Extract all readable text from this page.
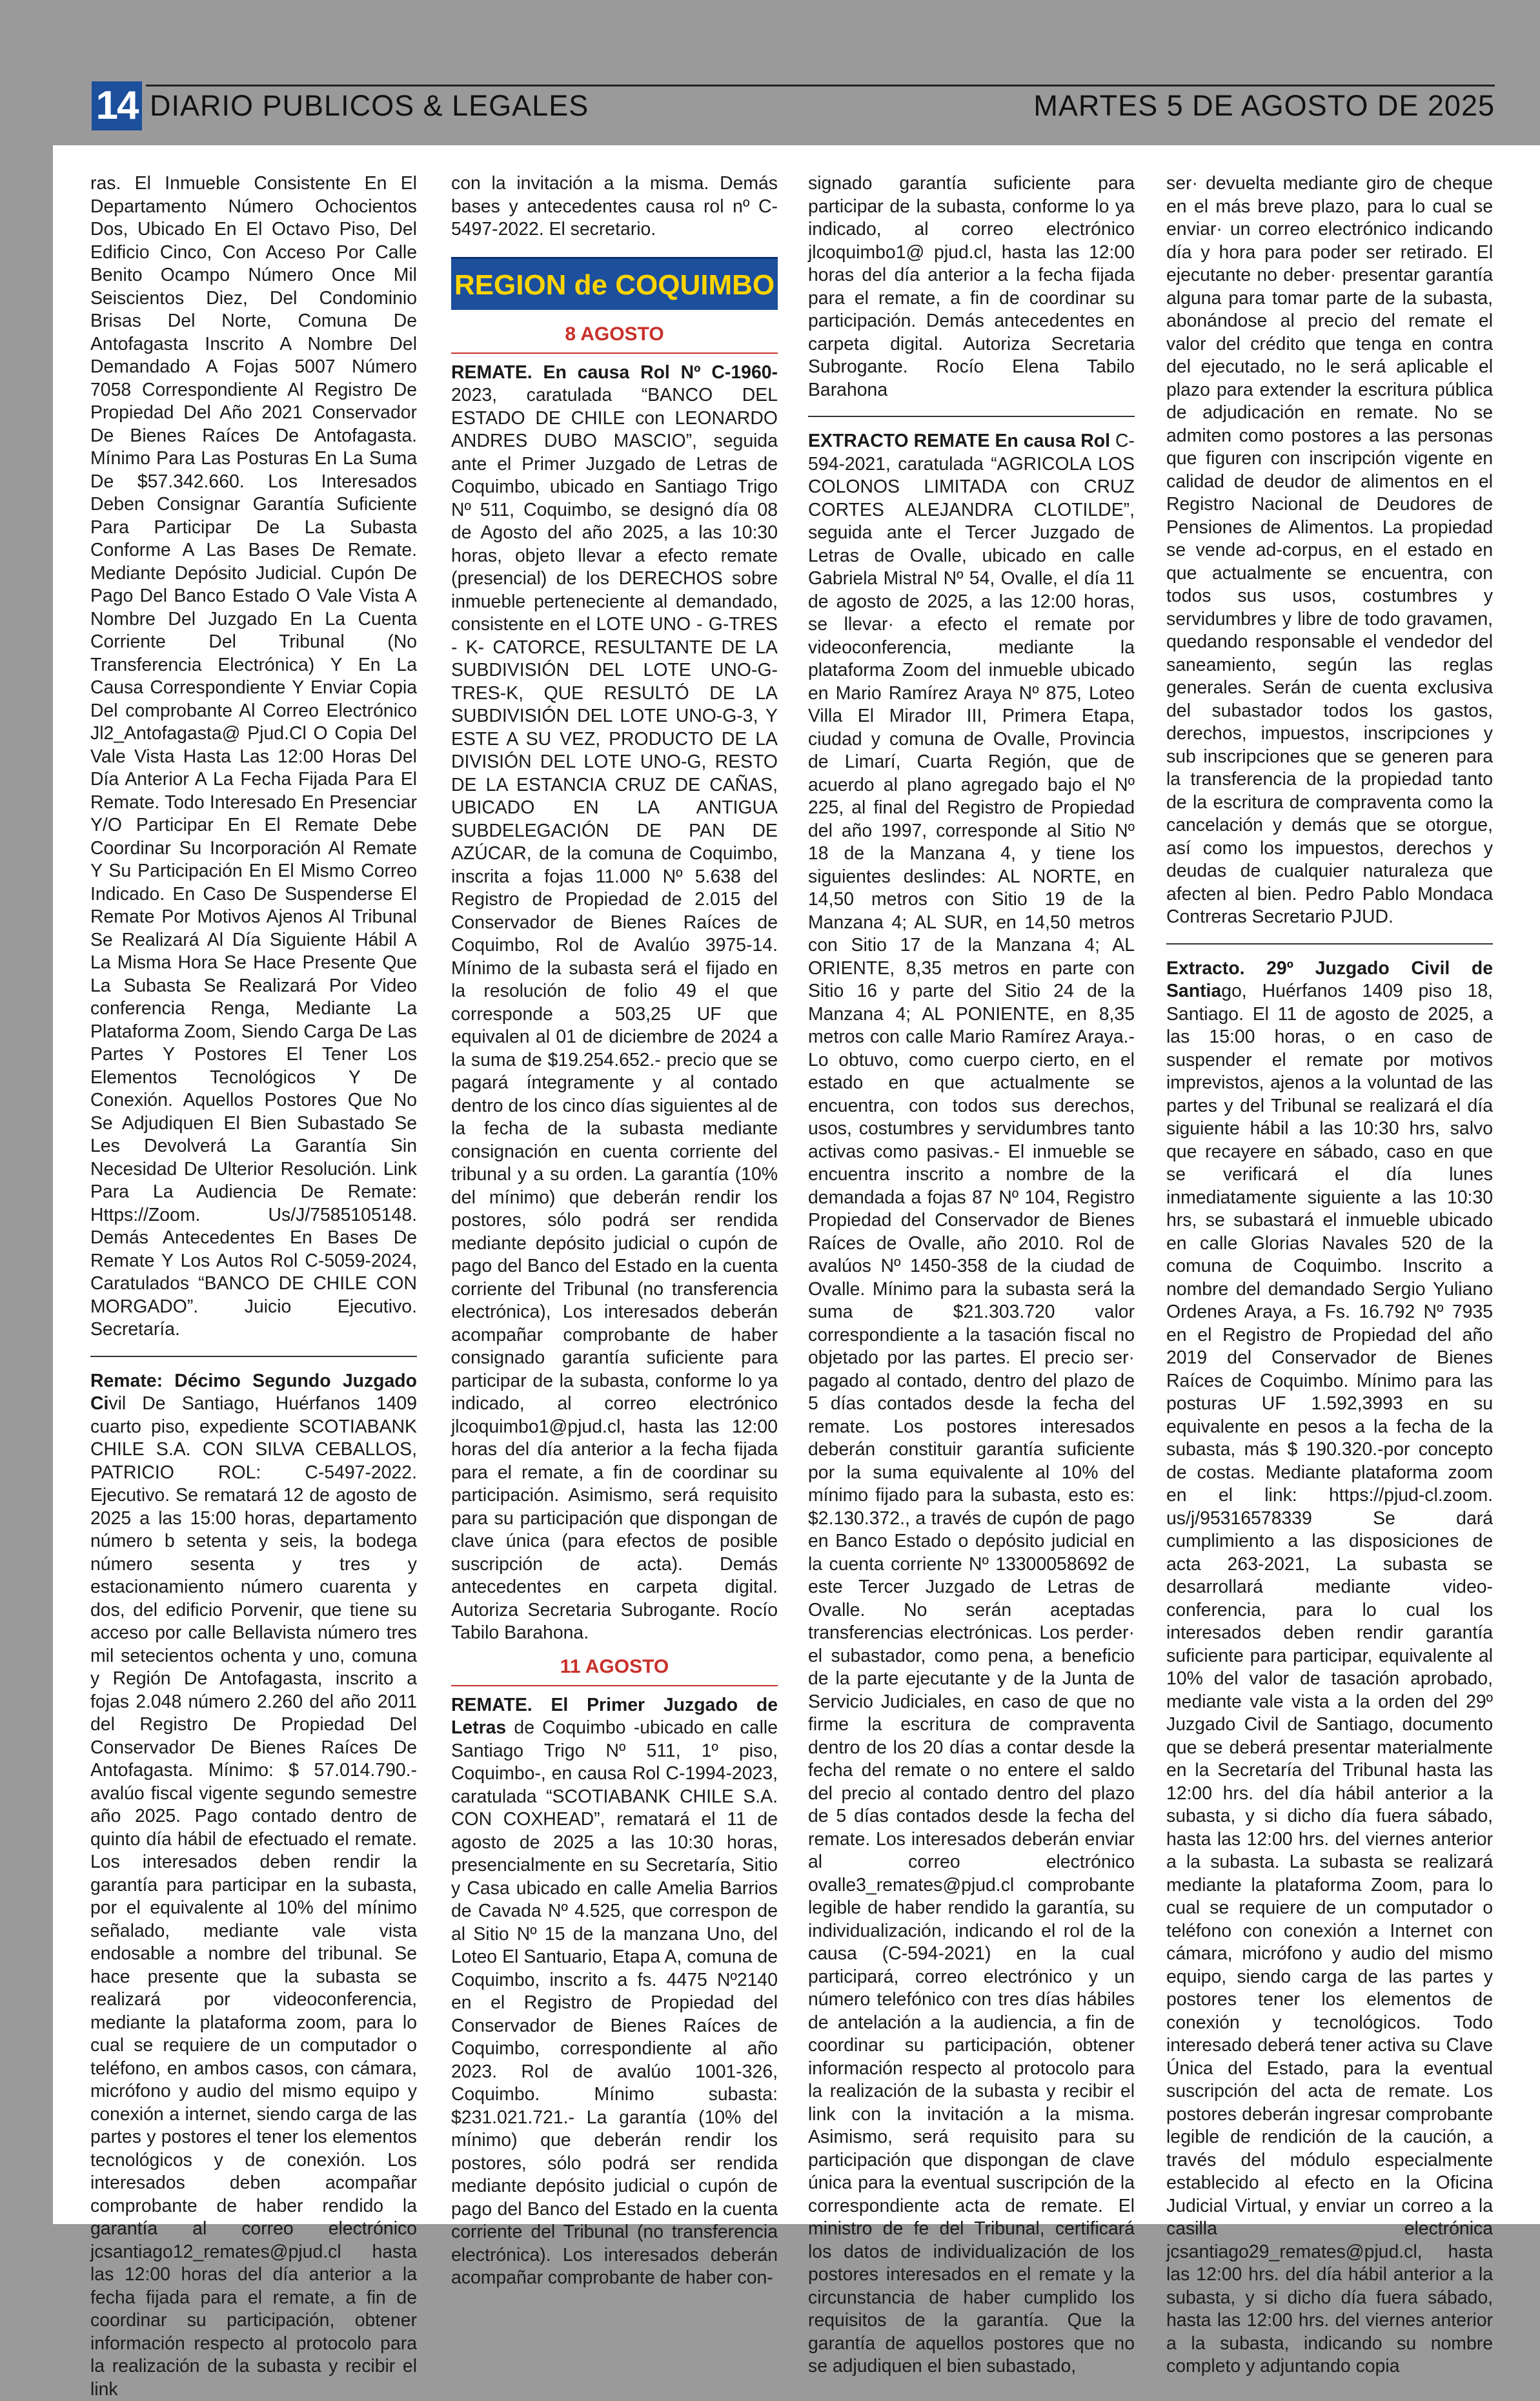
14 DIARIO PUBLICOS & LEGALES	MARTES 5 DE AGOSTO DE 2025

ras. El Inmueble Consistente En El Departamento Número Ochocientos Dos, Ubicado En El Octavo Piso, Del Edificio Cinco, Con Acceso Por Calle Benito Ocampo Número Once Mil Seiscientos Diez, Del Condominio Brisas Del Norte, Comuna De Antofagasta Inscrito A Nombre Del Demandado A Fojas 5007 Número 7058 Correspondiente Al Registro De Propiedad Del Año 2021 Conservador De Bienes Raíces De Antofagasta. Mínimo Para Las Posturas En La Suma De $57.342.660. Los Interesados Deben Consignar Garantía Suficiente Para Participar De La Subasta Conforme A Las Bases De Remate. Mediante Depósito Judicial. Cupón De Pago Del Banco Estado O Vale Vista A Nombre Del Juzgado En La Cuenta Corriente Del Tribunal (No Transferencia Electrónica) Y En La Causa Correspondiente Y Enviar Copia Del comprobante Al Correo Electrónico Jl2_Antofagasta@ Pjud.Cl O Copia Del Vale Vista Hasta Las 12:00 Horas Del Día Anterior A La Fecha Fijada Para El Remate. Todo Interesado En Presenciar Y/O Participar En El Remate Debe Coordinar Su Incorporación Al Remate Y Su Participación En El Mismo Correo Indicado. En Caso De Suspenderse El Remate Por Motivos Ajenos Al Tribunal Se Realizará Al Día Siguiente Hábil A La Misma Hora Se Hace Presente Que La Subasta Se Realizará Por Video conferencia Renga, Mediante La Plataforma Zoom, Siendo Carga De Las Partes Y Postores El Tener Los Elementos Tecnológicos Y De Conexión. Aquellos Postores Que No Se Adjudiquen El Bien Subastado Se Les Devolverá La Garantía Sin Necesidad De Ulterior Resolución. Link Para La Audiencia De Remate: Https://Zoom. Us/J/7585105148. Demás Antecedentes En Bases De Remate Y Los Autos Rol C-5059-2024, Caratulados “BANCO DE CHILE CON MORGADO”. Juicio Ejecutivo. Secretaría.

Remate: Décimo Segundo Juzgado Civil De Santiago, Huérfanos 1409 cuarto piso, expediente SCOTIABANK CHILE S.A. CON SILVA CEBALLOS, PATRICIO ROL: C-5497-2022. Ejecutivo. Se rematará 12 de agosto de 2025 a las 15:00 horas, departamento número b setenta y seis, la bodega número sesenta y tres y estacionamiento número cuarenta y dos, del edificio Porvenir, que tiene su acceso por calle Bellavista número tres mil setecientos ochenta y uno, comuna y Región De Antofagasta, inscrito a fojas 2.048 número 2.260 del año 2011 del Registro De Propiedad Del Conservador De Bienes Raíces De Antofagasta. Mínimo: $ 57.014.790.- avalúo fiscal vigente segundo semestre año 2025. Pago contado dentro de quinto día hábil de efectuado el remate. Los interesados deben rendir la garantía para participar en la subasta, por el equivalente al 10% del mínimo señalado, mediante vale vista endosable a nombre del tribunal. Se hace presente que la subasta se realizará por videoconferencia, mediante la plataforma zoom, para lo cual se requiere de un computador o teléfono, en ambos casos, con cámara, micrófono y audio del mismo equipo y conexión a internet, siendo carga de las partes y postores el tener los elementos tecnológicos y de conexión. Los interesados deben acompañar comprobante de haber rendido la garantía al correo electrónico jcsantiago12_remates@pjud.cl hasta las 12:00 horas del día anterior a la fecha fijada para el remate, a fin de coordinar su participación, obtener información respecto al protocolo para la realización de la subasta y recibir el link

con la invitación a la misma. Demás bases y antecedentes causa rol nº C-5497-2022. El secretario.

REGION de COQUIMBO
8 AGOSTO

REMATE. En causa Rol Nº C-1960-2023, caratulada “BANCO DEL ESTADO DE CHILE con LEONARDO ANDRES DUBO MASCIO”, seguida ante el Primer Juzgado de Letras de Coquimbo, ubicado en Santiago Trigo Nº 511, Coquimbo, se designó día 08 de Agosto del año 2025, a las 10:30 horas, objeto llevar a efecto remate (presencial) de los DERECHOS sobre inmueble perteneciente al demandado, consistente en el LOTE UNO - G-TRES - K- CATORCE, RESULTANTE DE LA SUBDIVISIÓN DEL LOTE UNO-G-TRES-K, QUE RESULTÓ DE LA SUBDIVISIÓN DEL LOTE UNO-G-3, Y ESTE A SU VEZ, PRODUCTO DE LA DIVISIÓN DEL LOTE UNO-G, RESTO DE LA ESTANCIA CRUZ DE CAÑAS, UBICADO EN LA ANTIGUA SUBDELEGACIÓN DE PAN DE AZÚCAR, de la comuna de Coquimbo, inscrita a fojas 11.000 Nº 5.638 del Registro de Propiedad de 2.015 del Conservador de Bienes Raíces de Coquimbo, Rol de Avalúo 3975-14. Mínimo de la subasta será el fijado en la resolución de folio 49 el que corresponde a 503,25 UF que equivalen al 01 de diciembre de 2024 a la suma de $19.254.652.- precio que se pagará íntegramente y al contado dentro de los cinco días siguientes al de la fecha de la subasta mediante consignación en cuenta corriente del tribunal y a su orden. La garantía (10% del mínimo) que deberán rendir los postores, sólo podrá ser rendida mediante depósito judicial o cupón de pago del Banco del Estado en la cuenta corriente del Tribunal (no transferencia electrónica), Los interesados deberán acompañar comprobante de haber consignado garantía suficiente para participar de la subasta, conforme lo ya indicado, al correo electrónico jlcoquimbo1@pjud.cl, hasta las 12:00 horas del día anterior a la fecha fijada para el remate, a fin de coordinar su participación. Asimismo, será requisito para su participación que dispongan de clave única (para efectos de posible suscripción de acta). Demás antecedentes en carpeta digital. Autoriza Secretaria Subrogante. Rocío Tabilo Barahona.

11 AGOSTO

REMATE. El Primer Juzgado de Letras de Coquimbo -ubicado en calle Santiago Trigo Nº 511, 1º piso, Coquimbo-, en causa Rol C-1994-2023, caratulada “SCOTIABANK CHILE S.A. CON COXHEAD”, rematará el 11 de agosto de 2025 a las 10:30 horas, presencialmente en su Secretaría, Sitio y Casa ubicado en calle Amelia Barrios de Cavada Nº 4.525, que correspon de al Sitio Nº 15 de la manzana Uno, del Loteo El Santuario, Etapa A, comuna de Coquimbo, inscrito a fs. 4475 Nº2140 en el Registro de Propiedad del Conservador de Bienes Raíces de Coquimbo, correspondiente al año 2023. Rol de avalúo 1001-326, Coquimbo. Mínimo subasta: $231.021.721.- La garantía (10% del mínimo) que deberán rendir los postores, sólo podrá ser rendida mediante depósito judicial o cupón de pago del Banco del Estado en la cuenta corriente del Tribunal (no transferencia electrónica). Los interesados deberán acompañar comprobante de haber con-

signado garantía suficiente para participar de la subasta, conforme lo ya indicado, al correo electrónico jlcoquimbo1@ pjud.cl, hasta las 12:00 horas del día anterior a la fecha fijada para el remate, a fin de coordinar su participación. Demás antecedentes en carpeta digital. Autoriza Secretaria Subrogante. Rocío Elena Tabilo Barahona

EXTRACTO REMATE En causa Rol C-594-2021, caratulada “AGRICOLA LOS COLONOS LIMITADA con CRUZ CORTES ALEJANDRA CLOTILDE”, seguida ante el Tercer Juzgado de Letras de Ovalle, ubicado en calle Gabriela Mistral Nº 54, Ovalle, el día 11 de agosto de 2025, a las 12:00 horas, se llevar· a efecto el remate por videoconferencia, mediante la plataforma Zoom del inmueble ubicado en Mario Ramírez Araya Nº 875, Loteo Villa El Mirador III, Primera Etapa, ciudad y comuna de Ovalle, Provincia de Limarí, Cuarta Región, que de acuerdo al plano agregado bajo el Nº 225, al final del Registro de Propiedad del año 1997, corresponde al Sitio Nº 18 de la Manzana 4, y tiene los siguientes deslindes: AL NORTE, en 14,50 metros con Sitio 19 de la Manzana 4; AL SUR, en 14,50 metros con Sitio 17 de la Manzana 4; AL ORIENTE, 8,35 metros en parte con Sitio 16 y parte del Sitio 24 de la Manzana 4; AL PONIENTE, en 8,35 metros con calle Mario Ramírez Araya.- Lo obtuvo, como cuerpo cierto, en el estado en que actualmente se encuentra, con todos sus derechos, usos, costumbres y servidumbres tanto activas como pasivas.- El inmueble se encuentra inscrito a nombre de la demandada a fojas 87 Nº 104, Registro Propiedad del Conservador de Bienes Raíces de Ovalle, año 2010. Rol de avalúos Nº 1450-358 de la ciudad de Ovalle. Mínimo para la subasta será la suma de $21.303.720 valor correspondiente a la tasación fiscal no objetado por las partes. El precio ser· pagado al contado, dentro del plazo de 5 días contados desde la fecha del remate. Los postores interesados deberán constituir garantía suficiente por la suma equivalente al 10% del mínimo fijado para la subasta, esto es: $2.130.372., a través de cupón de pago en Banco Estado o depósito judicial en la cuenta corriente Nº 13300058692 de este Tercer Juzgado de Letras de Ovalle. No serán aceptadas transferencias electrónicas. Los perder· el subastador, como pena, a beneficio de la parte ejecutante y de la Junta de Servicio Judiciales, en caso de que no firme la escritura de compraventa dentro de los 20 días a contar desde la fecha del remate o no entere el saldo del precio al contado dentro del plazo de 5 días contados desde la fecha del remate. Los interesados deberán enviar al correo electrónico ovalle3_remates@pjud.cl comprobante legible de haber rendido la garantía, su individualización, indicando el rol de la causa (C-594-2021) en la cual participará, correo electrónico y un número telefónico con tres días hábiles de antelación a la audiencia, a fin de coordinar su participación, obtener información respecto al protocolo para la realización de la subasta y recibir el link con la invitación a la misma. Asimismo, será requisito para su participación que dispongan de clave única para la eventual suscripción de la correspondiente acta de remate. El ministro de fe del Tribunal, certificará los datos de individualización de los postores interesados en el remate y la circunstancia de haber cumplido los requisitos de la garantía. Que la garantía de aquellos postores que no se adjudiquen el bien subastado,

ser· devuelta mediante giro de cheque en el más breve plazo, para lo cual se enviar· un correo electrónico indicando día y hora para poder ser retirado. El ejecutante no deber· presentar garantía alguna para tomar parte de la subasta, abonándose al precio del remate el valor del crédito que tenga en contra del ejecutado, no le será aplicable el plazo para extender la escritura pública de adjudicación en remate. No se admiten como postores a las personas que figuren con inscripción vigente en calidad de deudor de alimentos en el Registro Nacional de Deudores de Pensiones de Alimentos. La propiedad se vende ad-corpus, en el estado en que actualmente se encuentra, con todos sus usos, costumbres y servidumbres y libre de todo gravamen, quedando responsable el vendedor del saneamiento, según las reglas generales. Serán de cuenta exclusiva del subastador todos los gastos, derechos, impuestos, inscripciones y sub inscripciones que se generen para la transferencia de la propiedad tanto de la escritura de compraventa como la cancelación y demás que se otorgue, así como los impuestos, derechos y deudas de cualquier naturaleza que afecten al bien. Pedro Pablo Mondaca Contreras Secretario PJUD.

Extracto. 29º Juzgado Civil de Santiago, Huérfanos 1409 piso 18, Santiago. El 11 de agosto de 2025, a las 15:00 horas, o en caso de suspender el remate por motivos imprevistos, ajenos a la voluntad de las partes y del Tribunal se realizará el día siguiente hábil a las 10:30 hrs, salvo que recayere en sábado, caso en que se verificará el día lunes inmediatamente siguiente a las 10:30 hrs, se subastará el inmueble ubicado en calle Glorias Navales 520 de la comuna de Coquimbo. Inscrito a nombre del demandado Sergio Yuliano Ordenes Araya, a Fs. 16.792 Nº 7935 en el Registro de Propiedad del año 2019 del Conservador de Bienes Raíces de Coquimbo. Mínimo para las posturas UF 1.592,3993 en su equivalente en pesos a la fecha de la subasta, más $ 190.320.-por concepto de costas. Mediante plataforma zoom en el link: https://pjud-cl.zoom. us/j/95316578339 Se dará cumplimiento a las disposiciones de acta 263-2021, La subasta se desarrollará mediante video-conferencia, para lo cual los interesados deben rendir garantía suficiente para participar, equivalente al 10% del valor de tasación aprobado, mediante vale vista a la orden del 29º Juzgado Civil de Santiago, documento que se deberá presentar materialmente en la Secretaría del Tribunal hasta las 12:00 hrs. del día hábil anterior a la subasta, y si dicho día fuera sábado, hasta las 12:00 hrs. del viernes anterior a la subasta. La subasta se realizará mediante la plataforma Zoom, para lo cual se requiere de un computador o teléfono con conexión a Internet con cámara, micrófono y audio del mismo equipo, siendo carga de las partes y postores tener los elementos de conexión y tecnológicos. Todo interesado deberá tener activa su Clave Única del Estado, para la eventual suscripción del acta de remate. Los postores deberán ingresar comprobante legible de rendición de la caución, a través del módulo especialmente establecido al efecto en la Oficina Judicial Virtual, y enviar un correo a la casilla electrónica jcsantiago29_remates@pjud.cl, hasta las 12:00 hrs. del día hábil anterior a la subasta, y si dicho día fuera sábado, hasta las 12:00 hrs. del viernes anterior a la subasta, indicando su nombre completo y adjuntando copia
